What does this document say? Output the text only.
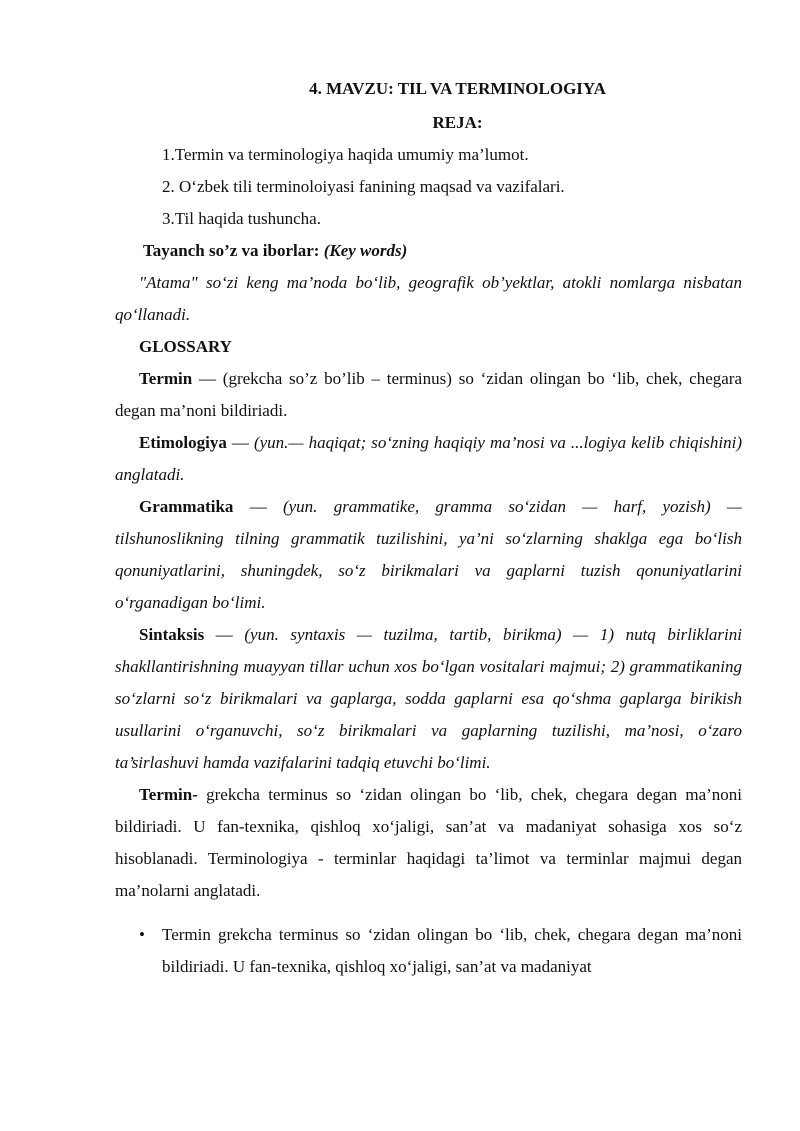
4. MAVZU: TIL VA TERMINOLOGIYA
REJA:
1.Termin va terminologiya haqida umumiy ma’lumot.
2. O‘zbek tili terminoloiyasi fanining maqsad va vazifalari.
3.Til haqida tushuncha.
Tayanch so’z va iborlar: (Key words)

"Atama" so‘zi keng ma’noda bo‘lib, geografik ob’yektlar, atokli nomlarga nisbatan qo‘llanadi.

GLOSSARY

Termin — (grekcha so’z bo’lib – terminus) so ‘zidan olingan bo ‘lib, chek, chegara degan ma’noni bildiriadi.

Etimologiya — (yun.— haqiqat; so‘zning haqiqiy ma’nosi va ...logiya kelib chiqishini) anglatadi.

Grammatika — (yun. grammatike, gramma so‘zidan — harf, yozish) — tilshunoslikning tilning grammatik tuzilishini, ya’ni so‘zlarning shaklga ega bo‘lish qonuniyatlarini, shuningdek, so‘z birikmalari va gaplarni tuzish qonuniyatlarini o‘rganadigan bo‘limi.

Sintaksis — (yun. syntaxis — tuzilma, tartib, birikma) — 1) nutq birliklarini shakllantirishning muayyan tillar uchun xos bo‘lgan vositalari majmui; 2) grammatikaning so‘zlarni so‘z birikmalari va gaplarga, sodda gaplarni esa qo‘shma gaplarga birikish usullarini o‘rganuvchi, so‘z birikmalari va gaplarning tuzilishi, ma’nosi, o‘zaro ta’sirlashuvi hamda vazifalarini tadqiq etuvchi bo‘limi.

Termin- grekcha terminus so ‘zidan olingan bo ‘lib, chek, chegara degan ma’noni bildiriadi. U fan-texnika, qishloq xo‘jaligi, san’at va madaniyat sohasiga xos so‘z hisoblanadi. Terminologiya - terminlar haqidagi ta’limot va terminlar majmui degan ma’nolarni anglatadi.

• Termin grekcha terminus so ‘zidan olingan bo ‘lib, chek, chegara degan ma’noni bildiriadi. U fan-texnika, qishloq xo‘jaligi, san’at va madaniyat
